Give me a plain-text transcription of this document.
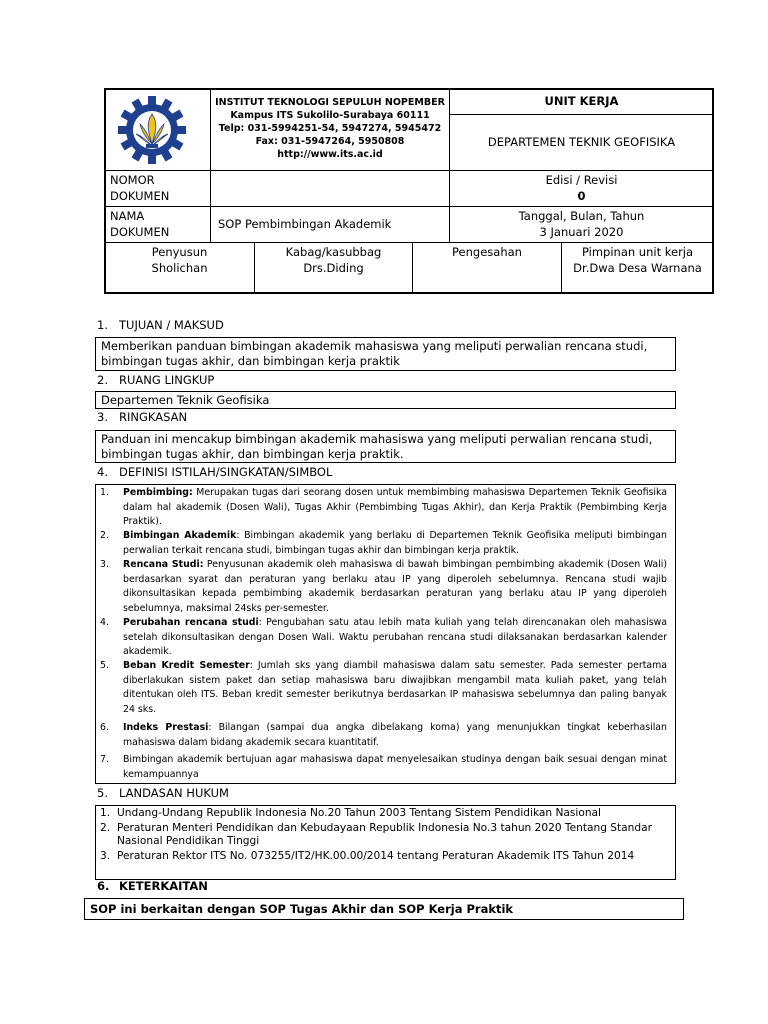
INSTITUT TEKNOLOGI SEPULUH NOPEMBER
Kampus ITS Sukolilo-Surabaya 60111
Telp: 031-5994251-54, 5947274, 5945472
Fax: 031-5947264, 5950808
http://www.its.ac.id
UNIT KERJA
DEPARTEMEN TEKNIK GEOFISIKA
NOMOR
DOKUMEN
Edisi / Revisi
0
NAMA
DOKUMEN
SOP Pembimbingan Akademik
Tanggal, Bulan, Tahun
3 Januari 2020
Penyusun
Sholichan
Kabag/kasubbag
Drs.Diding
Pengesahan	Pimpinan unit kerja
Dr.Dwa Desa Warnana
1. TUJUAN / MAKSUD
Memberikan panduan bimbingan akademik mahasiswa yang meliputi perwalian rencana studi,
bimbingan tugas akhir, dan bimbingan kerja praktik
2. RUANG LINGKUP
Departemen Teknik Geofisika
3. RINGKASAN
Panduan ini mencakup bimbingan akademik mahasiswa yang meliputi perwalian rencana studi,
bimbingan tugas akhir, dan bimbingan kerja praktik.
4. DEFINISI ISTILAH/SINGKATAN/SIMBOL
1. Pembimbing: Merupakan tugas dari seorang dosen untuk membimbing mahasiswa Departemen Teknik Geofisika dalam hal akademik (Dosen Wali), Tugas Akhir (Pembimbing Tugas Akhir), dan Kerja Praktik (Pembimbing Kerja Praktik).
2. Bimbingan Akademik: Bimbingan akademik yang berlaku di Departemen Teknik Geofisika meliputi bimbingan perwalian terkait rencana studi, bimbingan tugas akhir dan bimbingan kerja praktik.
3. Rencana Studi: Penyusunan akademik oleh mahasiswa di bawah bimbingan pembimbing akademik (Dosen Wali) berdasarkan syarat dan peraturan yang berlaku atau IP yang diperoleh sebelumnya. Rencana studi wajib dikonsultasikan kepada pembimbing akademik berdasarkan peraturan yang berlaku atau IP yang diperoleh sebelumnya, maksimal 24sks per-semester.
4. Perubahan rencana studi: Pengubahan satu atau lebih mata kuliah yang telah direncanakan oleh mahasiswa setelah dikonsultasikan dengan Dosen Wali. Waktu perubahan rencana studi dilaksanakan berdasarkan kalender akademik.
5. Beban Kredit Semester: Jumlah sks yang diambil mahasiswa dalam satu semester. Pada semester pertama diberlakukan sistem paket dan setiap mahasiswa baru diwajibkan mengambil mata kuliah paket, yang telah ditentukan oleh ITS. Beban kredit semester berikutnya berdasarkan IP mahasiswa sebelumnya dan paling banyak 24 sks.
6. Indeks Prestasi: Bilangan (sampai dua angka dibelakang koma) yang menunjukkan tingkat keberhasilan mahasiswa dalam bidang akademik secara kuantitatif.
7. Bimbingan akademik bertujuan agar mahasiswa dapat menyelesaikan studinya dengan baik sesuai dengan minat kemampuannya
5. LANDASAN HUKUM
1. Undang-Undang Republik Indonesia No.20 Tahun 2003 Tentang Sistem Pendidikan Nasional
2. Peraturan Menteri Pendidikan dan Kebudayaan Republik Indonesia No.3 tahun 2020 Tentang Standar Nasional Pendidikan Tinggi
3. Peraturan Rektor ITS No. 073255/IT2/HK.00.00/2014 tentang Peraturan Akademik ITS Tahun 2014
6. KETERKAITAN
SOP ini berkaitan dengan SOP Tugas Akhir dan SOP Kerja Praktik
